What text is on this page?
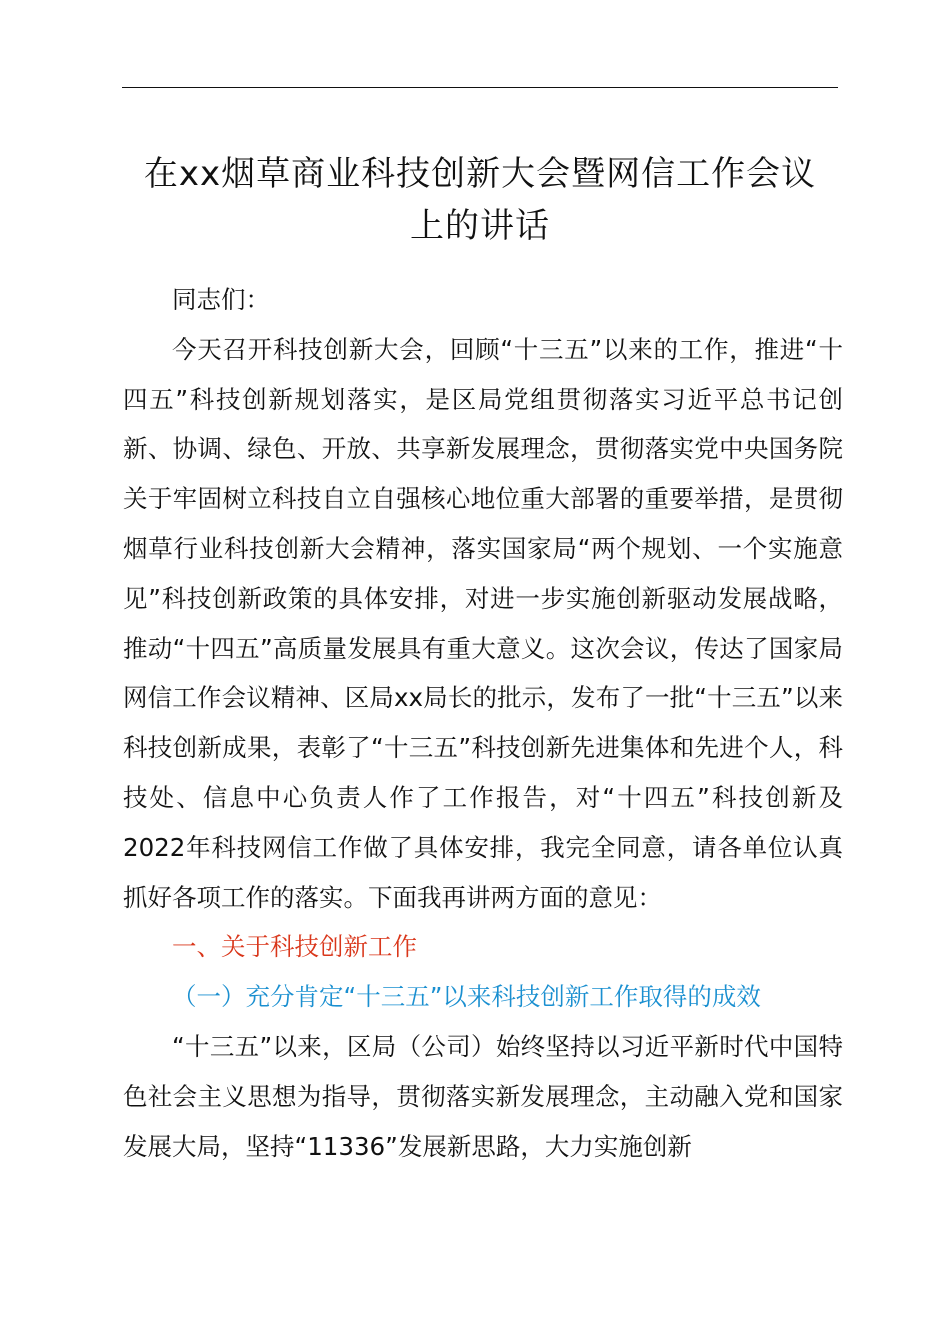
在xx烟草商业科技创新大会暨网信工作会议
上的讲话

同志们：

今天召开科技创新大会，回顾“十三五”以来的工作，推进“十四五”科技创新规划落实，是区局党组贯彻落实习近平总书记创新、协调、绿色、开放、共享新发展理念，贯彻落实党中央国务院关于牢固树立科技自立自强核心地位重大部署的重要举措，是贯彻烟草行业科技创新大会精神，落实国家局“两个规划、一个实施意见”科技创新政策的具体安排，对进一步实施创新驱动发展战略，推动“十四五”高质量发展具有重大意义。这次会议，传达了国家局网信工作会议精神、区局xx局长的批示，发布了一批“十三五”以来科技创新成果，表彰了“十三五”科技创新先进集体和先进个人，科技处、信息中心负责人作了工作报告，对“十四五”科技创新及2022年科技网信工作做了具体安排，我完全同意，请各单位认真抓好各项工作的落实。下面我再讲两方面的意见：

一、关于科技创新工作

（一）充分肯定“十三五”以来科技创新工作取得的成效

“十三五”以来，区局（公司）始终坚持以习近平新时代中国特色社会主义思想为指导，贯彻落实新发展理念，主动融入党和国家发展大局，坚持“11336”发展新思路，大力实施创新
